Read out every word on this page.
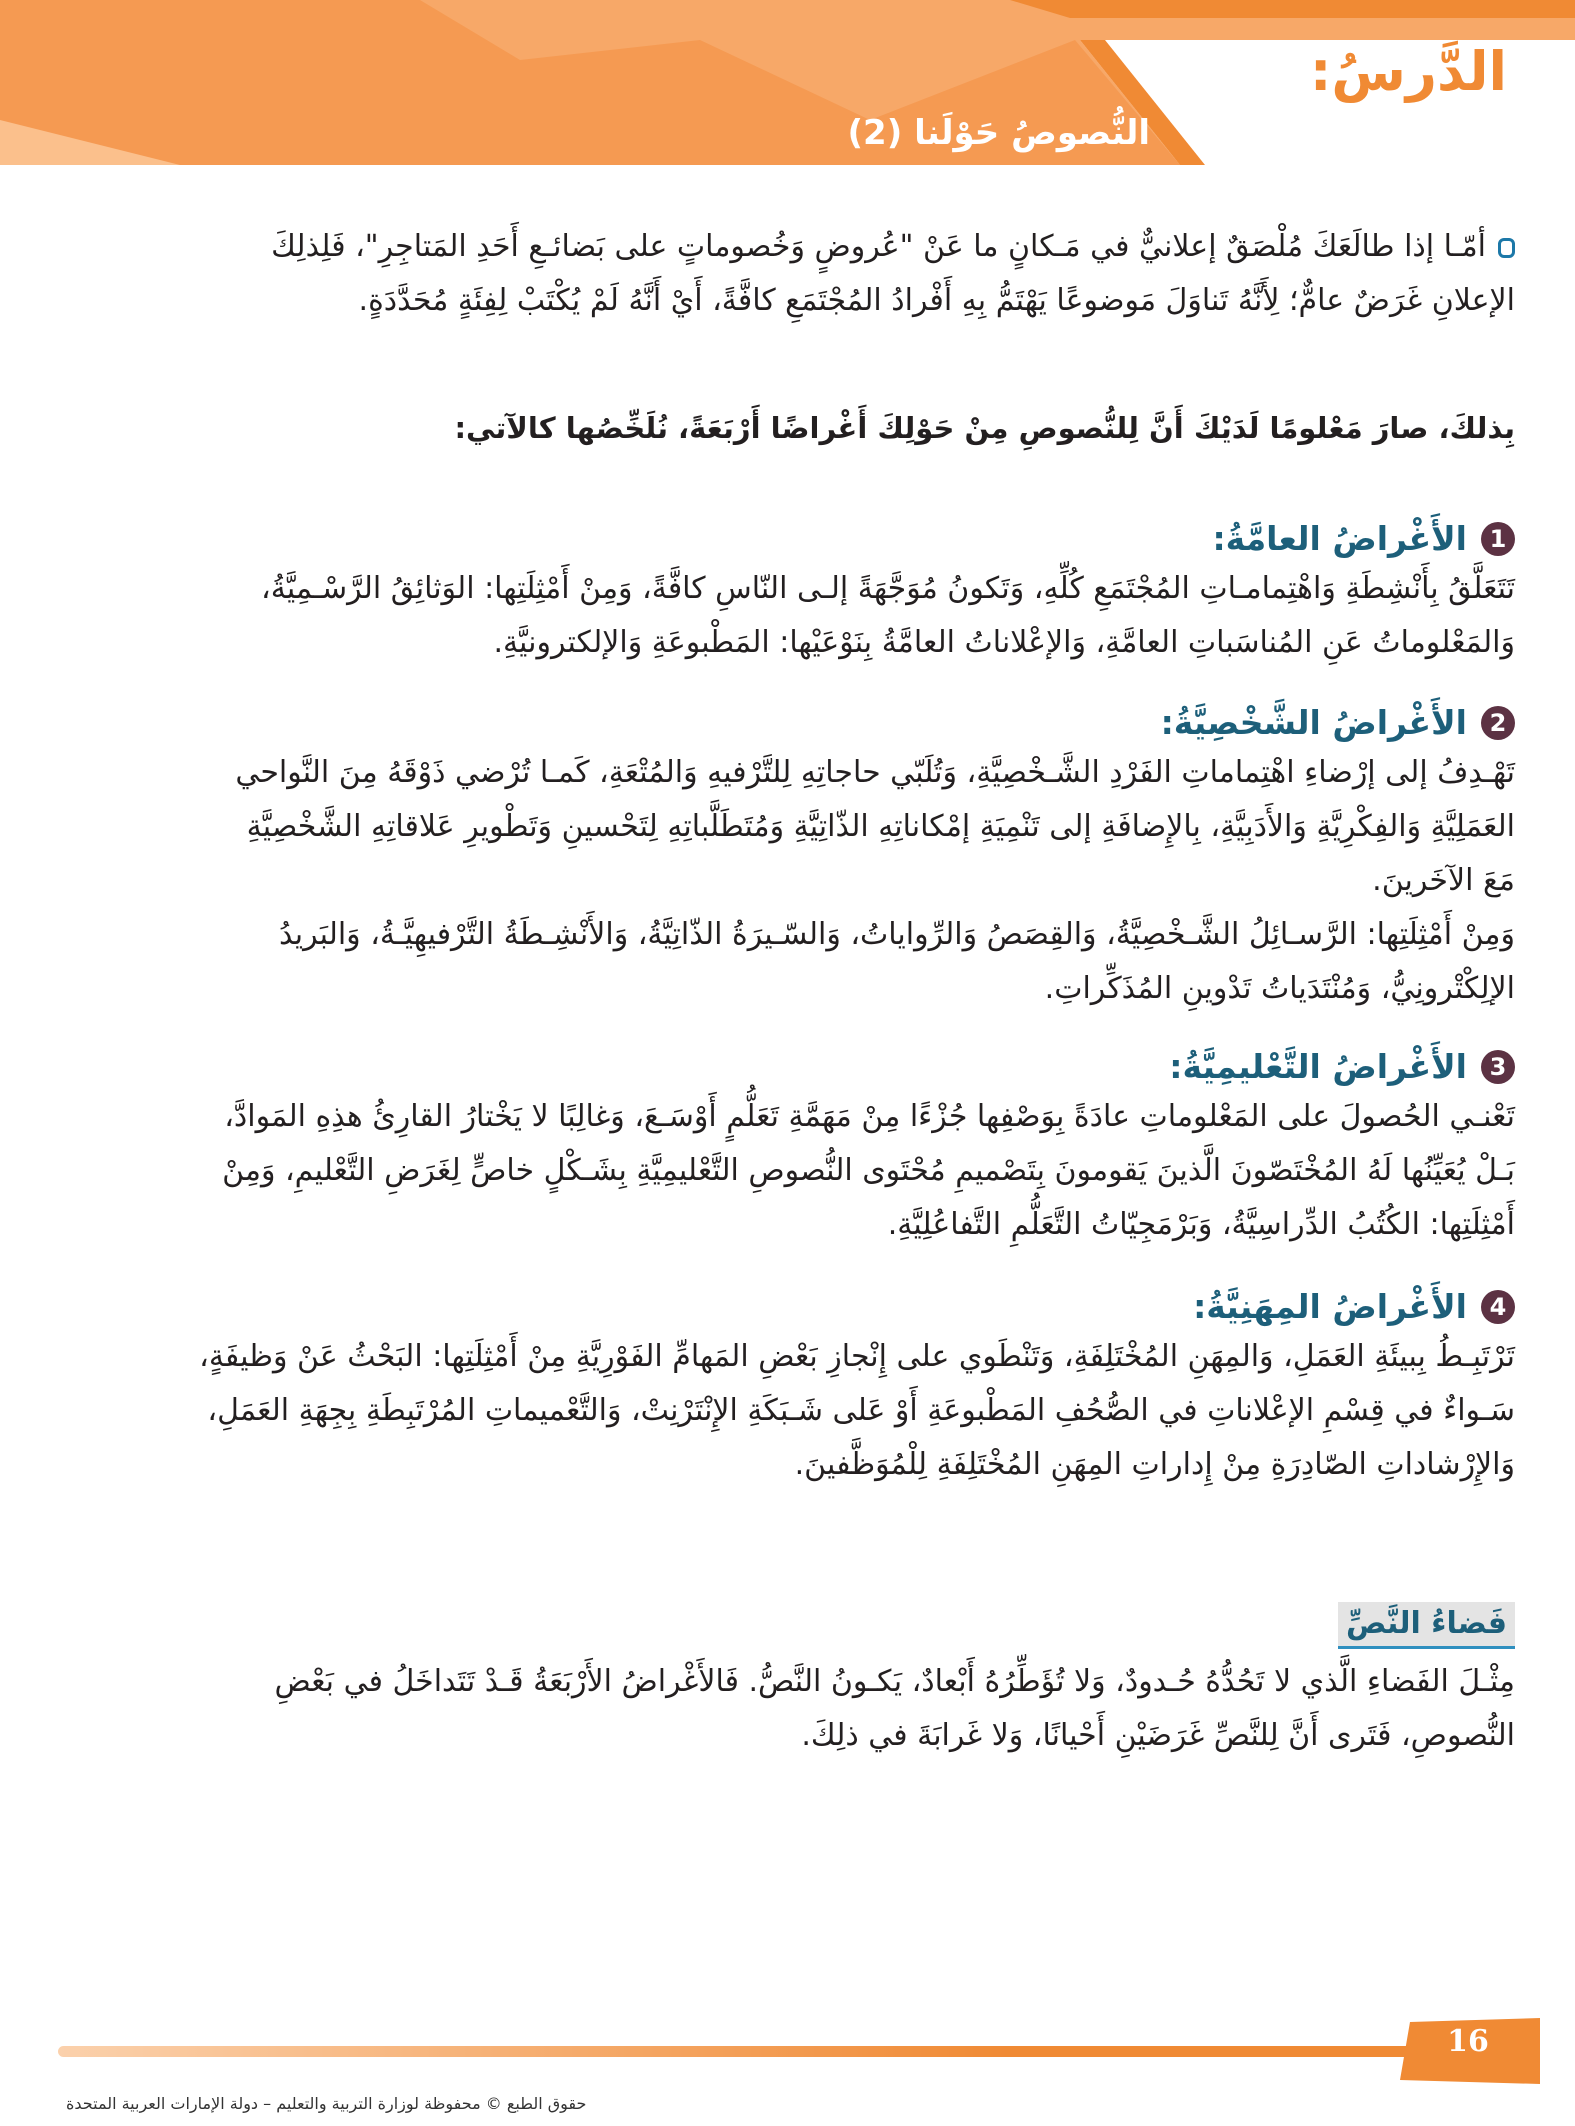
الدَّرسُ:
النُّصوصُ حَوْلَنا (2)

أمّـا إذا طالَعَكَ مُلْصَقٌ إعلانيٌّ في مَـكانٍ ما عَنْ "عُروضٍ وَخُصوماتٍ على بَضائـعِ أَحَدِ المَتاجِرِ"، فَلِذلِكَ

الإعلانِ غَرَضٌ عامٌّ؛ لِأَنَّهُ تَناوَلَ مَوضوعًا يَهْتَمُّ بِهِ أَفْرادُ المُجْتَمَعِ كافَّةً، أَيْ أَنَّهُ لَمْ يُكْتَبْ لِفِئَةٍ مُحَدَّدَةٍ.

بِذلكَ، صارَ مَعْلومًا لَدَيْكَ أَنَّ لِلنُّصوصِ مِنْ حَوْلِكَ أَغْراضًا أَرْبَعَةً، نُلَخِّصُها كالآتي:

1
الأَغْراضُ العامَّةُ:

تَتَعَلَّقُ بِأَنْشِطَةِ وَاهْتِمامـاتِ المُجْتَمَعِ كُلِّهِ، وَتَكونُ مُوَجَّهَةً إلـى النّاسِ كافَّةً، وَمِنْ أَمْثِلَتِها: الوَثائِقُ الرَّسْـمِيَّةُ،

وَالمَعْلوماتُ عَنِ المُناسَباتِ العامَّةِ، وَالإعْلاناتُ العامَّةُ بِنَوْعَيْها: المَطْبوعَةِ وَالإلكترونيَّةِ.

2
الأَغْراضُ الشَّخْصِيَّةُ:

تَهْـدِفُ إلى إرْضاءِ اهْتِماماتِ الفَرْدِ الشَّـخْصِيَّةِ، وَتُلَبّي حاجاتِهِ لِلتَّرْفيهِ وَالمُتْعَةِ، كَمـا تُرْضي ذَوْقَهُ مِنَ النَّواحي

العَمَلِيَّةِ وَالفِكْرِيَّةِ وَالأَدَبِيَّةِ، بِالإِضافَةِ إلى تَنْمِيَةِ إمْكاناتِهِ الذّاتِيَّةِ وَمُتَطَلَّباتِهِ لِتَحْسينِ وَتَطْويرِ عَلاقاتِهِ الشَّخْصِيَّةِ

مَعَ الآخَرينَ.

وَمِنْ أَمْثِلَتِها: الرَّسـائِلُ الشَّـخْصِيَّةُ، وَالقِصَصُ وَالرِّواياتُ، وَالسّـيرَةُ الذّاتِيَّةُ، وَالأَنْشِـطَةُ التَّرْفيهِيَّـةُ، وَالبَريدُ

الإلِكْتْرونِيُّ، وَمُنْتَدَياتُ تَدْوينِ المُذَكِّراتِ.

3
الأَغْراضُ التَّعْليمِيَّةُ:

تَعْنـي الحُصولَ على المَعْلوماتِ عادَةً بِوَصْفِها جُزْءًا مِنْ مَهَمَّةِ تَعَلُّمٍ أَوْسَـعَ، وَغالِبًا لا يَخْتارُ القارِئُ هذِهِ المَوادَّ،

بَـلْ يُعَيِّنُها لَهُ المُخْتَصّونَ الَّذينَ يَقومونَ بِتَصْميمِ مُحْتَوى النُّصوصِ التَّعْليمِيَّةِ بِشَـكْلٍ خاصٍّ لِغَرَضِ التَّعْليمِ، وَمِنْ

أَمْثِلَتِها: الكُتُبُ الدِّراسِيَّةُ، وَبَرْمَجِيّاتُ التَّعَلُّمِ التَّفاعُلِيَّةِ.

4
الأَغْراضُ المِهَنِيَّةُ:

تَرْتَبِـطُ بِبيئَةِ العَمَلِ، وَالمِهَنِ المُخْتَلِفَةِ، وَتَنْطَوي على إِنْجازِ بَعْضِ المَهامِّ الفَوْرِيَّةِ مِنْ أَمْثِلَتِها: البَحْثُ عَنْ وَظيفَةٍ،

سَـواءٌ في قِسْمِ الإعْلاناتِ في الصُّحُفِ المَطْبوعَةِ أَوْ عَلى شَـبَكَةِ الإِنْتَرْنِتْ، وَالتَّعْميماتِ المُرْتَبِطَةِ بِجِهَةِ العَمَلِ،

وَالإِرْشاداتِ الصّادِرَةِ مِنْ إِداراتِ المِهَنِ المُخْتَلِفَةِ لِلْمُوَظَّفينَ.

فَضاءُ النَّصِّ

مِثْـلَ الفَضاءِ الَّذي لا تَحُدُّهُ حُـدودٌ، وَلا تُؤَطِّرُهُ أَبْعادٌ، يَكـونُ النَّصُّ. فَالأَغْراضُ الأَرْبَعَةُ قَـدْ تَتَداخَلُ في بَعْضِ

النُّصوصِ، فَتَرى أَنَّ لِلنَّصِّ غَرَضَيْنِ أَحْيانًا، وَلا غَرابَةَ في ذلِكَ.

16
حقوق الطبع © محفوظة لوزارة التربية والتعليم – دولة الإمارات العربية المتحدة
